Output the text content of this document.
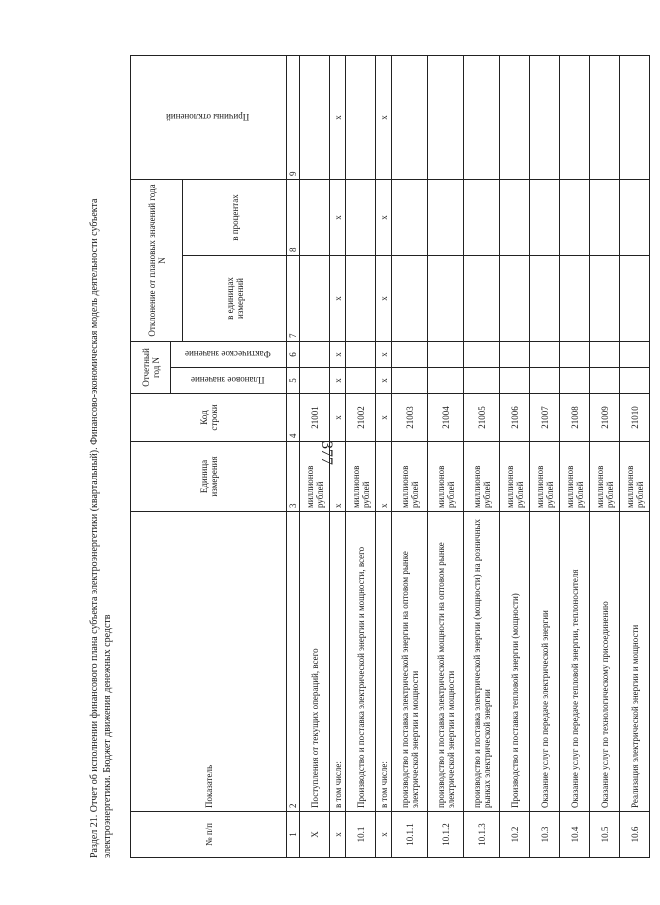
377
Раздел 21. Отчет об исполнении финансового плана субъекта электроэнергетики (квартальный). Финансово-экономическая модель деятельности субъекта электроэнергетики. Бюджет движения денежных средств	№ п/п	Показатель	Единица измерения	Код строки	Отчетный год N		Отклонение от плановых значений года N		Причины отклонений
				Плановое значение	Фактическое значение			
						в единицах измерений	в процентах	
1	2	3	4	5	6	7	8	9
Х	Поступления от текущих операций, всего	миллионов рублей	21001					
х	в том числе:	х	х	х	х	х	х	х
10.1	Производство и поставка электрической энергии и мощности, всего	миллионов рублей	21002					
х	в том числе:	х	х	х	х	х	х	х
10.1.1	производство и поставка электрической энергии на оптовом рынке электрической энергии и мощности	миллионов рублей	21003					
10.1.2	производство и поставка электрической мощности на оптовом рынке электрической энергии и мощности	миллионов рублей	21004					
10.1.3	производство и поставка электрической энергии (мощности) на розничных рынках электрической энергии	миллионов рублей	21005					
10.2	Производство и поставка тепловой энергии (мощности)	миллионов рублей	21006					
10.3	Оказание услуг по передаче электрической энергии	миллионов рублей	21007					
10.4	Оказание услуг по передаче тепловой энергии, теплоносителя	миллионов рублей	21008					
10.5	Оказание услуг по технологическому присоединению	миллионов рублей	21009					
10.6	Реализация электрической энергии и мощности	миллионов рублей	21010					
